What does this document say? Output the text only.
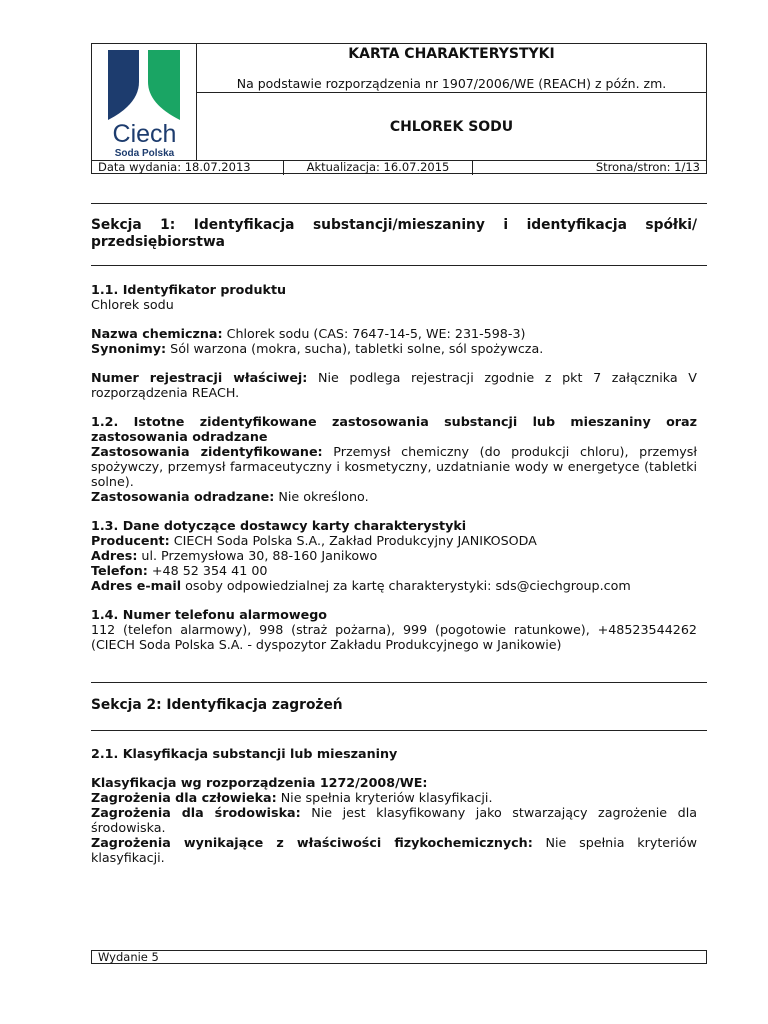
Ciech
Soda Polska
KARTA CHARAKTERYSTYKI
Na podstawie rozporządzenia nr 1907/2006/WE (REACH) z późn. zm.
CHLOREK SODU
Data wydania: 18.07.2013	Aktualizacja: 16.07.2015	Strona/stron: 1/13
Sekcja 1: Identyfikacja substancji/mieszaniny i identyfikacja spółki/ przedsiębiorstwa

1.1. Identyfikator produktu

Chlorek sodu

Nazwa chemiczna: Chlorek sodu (CAS: 7647-14-5, WE: 231-598-3)

Synonimy: Sól warzona (mokra, sucha), tabletki solne, sól spożywcza.

Numer rejestracji właściwej: Nie podlega rejestracji zgodnie z pkt 7 załącznika V rozporządzenia REACH.

1.2. Istotne zidentyfikowane zastosowania substancji lub mieszaniny oraz zastosowania odradzane

Zastosowania zidentyfikowane: Przemysł chemiczny (do produkcji chloru), przemysł spożywczy, przemysł farmaceutyczny i kosmetyczny, uzdatnianie wody w energetyce (tabletki solne).

Zastosowania odradzane: Nie określono.

1.3. Dane dotyczące dostawcy karty charakterystyki

Producent: CIECH Soda Polska S.A., Zakład Produkcyjny JANIKOSODA

Adres: ul. Przemysłowa 30, 88-160 Janikowo

Telefon: +48 52 354 41 00

Adres e-mail osoby odpowiedzialnej za kartę charakterystyki: sds@ciechgroup.com

1.4. Numer telefonu alarmowego

112 (telefon alarmowy), 998 (straż pożarna), 999 (pogotowie ratunkowe), +48523544262 (CIECH Soda Polska S.A. - dyspozytor Zakładu Produkcyjnego w Janikowie)

Sekcja 2: Identyfikacja zagrożeń

2.1. Klasyfikacja substancji lub mieszaniny

Klasyfikacja wg rozporządzenia 1272/2008/WE:

Zagrożenia dla człowieka: Nie spełnia kryteriów klasyfikacji.

Zagrożenia dla środowiska: Nie jest klasyfikowany jako stwarzający zagrożenie dla środowiska.

Zagrożenia wynikające z właściwości fizykochemicznych: Nie spełnia kryteriów klasyfikacji.

Wydanie 5
